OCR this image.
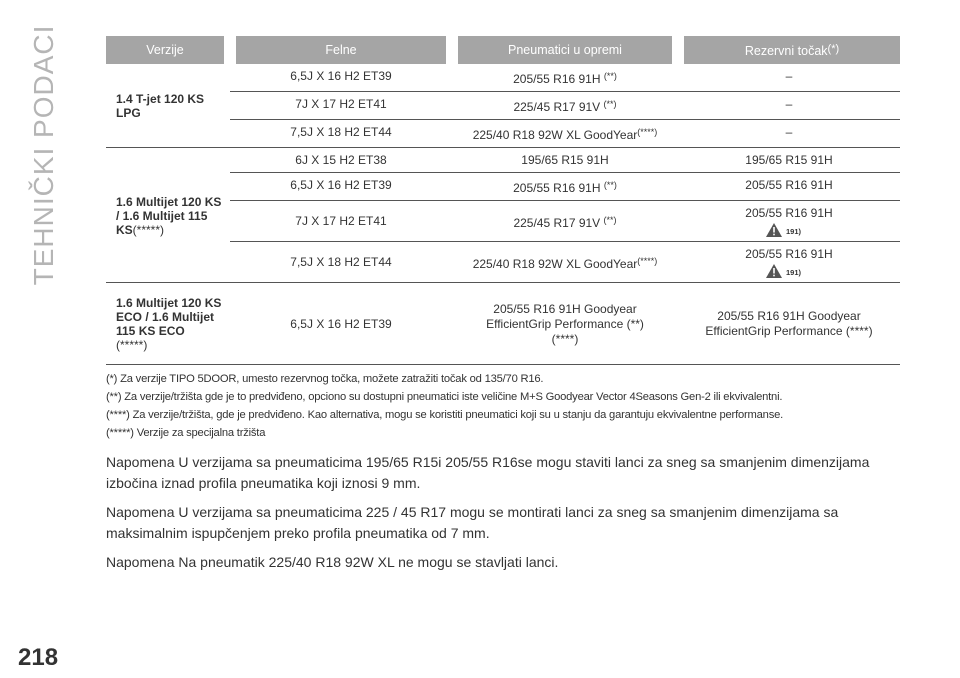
TEHNIČKI PODACI	Verzije	Felne	Pneumatici u opremi	Rezervni točak(*)
1.4 T-jet 120 KS LPG	6,5J X 16 H2 ET39	205/55 R16 91H (**)	–
	7J X 17 H2 ET41	225/45 R17 91V (**)	–
	7,5J X 18 H2 ET44	225/40 R18 92W XL GoodYear(****)	–
1.6 Multijet 120 KS / 1.6 Multijet 115 KS(*****)	6J X 15 H2 ET38	195/65 R15 91H	195/65 R15 91H
	6,5J X 16 H2 ET39	205/55 R16 91H (**)	205/55 R16 91H
	7J X 17 H2 ET41	225/45 R17 91V (**)	205/55 R16 91H
191)

	7,5J X 18 H2 ET44	225/40 R18 92W XL GoodYear(****)	205/55 R16 91H
191)

1.6 Multijet 120 KS ECO / 1.6 Multijet 115 KS ECO
(*****)	6,5J X 16 H2 ET39	205/55 R16 91H Goodyear EfficientGrip Performance (**) (****)	205/55 R16 91H Goodyear EfficientGrip Performance (****)

(*) Za verzije TIPO 5DOOR, umesto rezervnog točka, možete zatražiti točak od 135/70 R16.

(**) Za verzije/tržišta gde je to predviđeno, opciono su dostupni pneumatici iste veličine M+S Goodyear Vector 4Seasons Gen-2 ili ekvivalentni.

(****) Za verzije/tržišta, gde je predviđeno. Kao alternativa, mogu se koristiti pneumatici koji su u stanju da garantuju ekvivalentne performanse.

(*****) Verzije za specijalna tržišta

Napomena U verzijama sa pneumaticima 195/65 R15i 205/55 R16se mogu staviti lanci za sneg sa smanjenim dimenzijama izbočina iznad profila pneumatika koji iznosi 9 mm.

Napomena U verzijama sa pneumaticima 225 / 45 R17 mogu se montirati lanci za sneg sa smanjenim dimenzijama sa maksimalnim ispupčenjem preko profila pneumatika od 7 mm.

Napomena Na pneumatik 225/40 R18 92W XL ne mogu se stavljati lanci.

218
